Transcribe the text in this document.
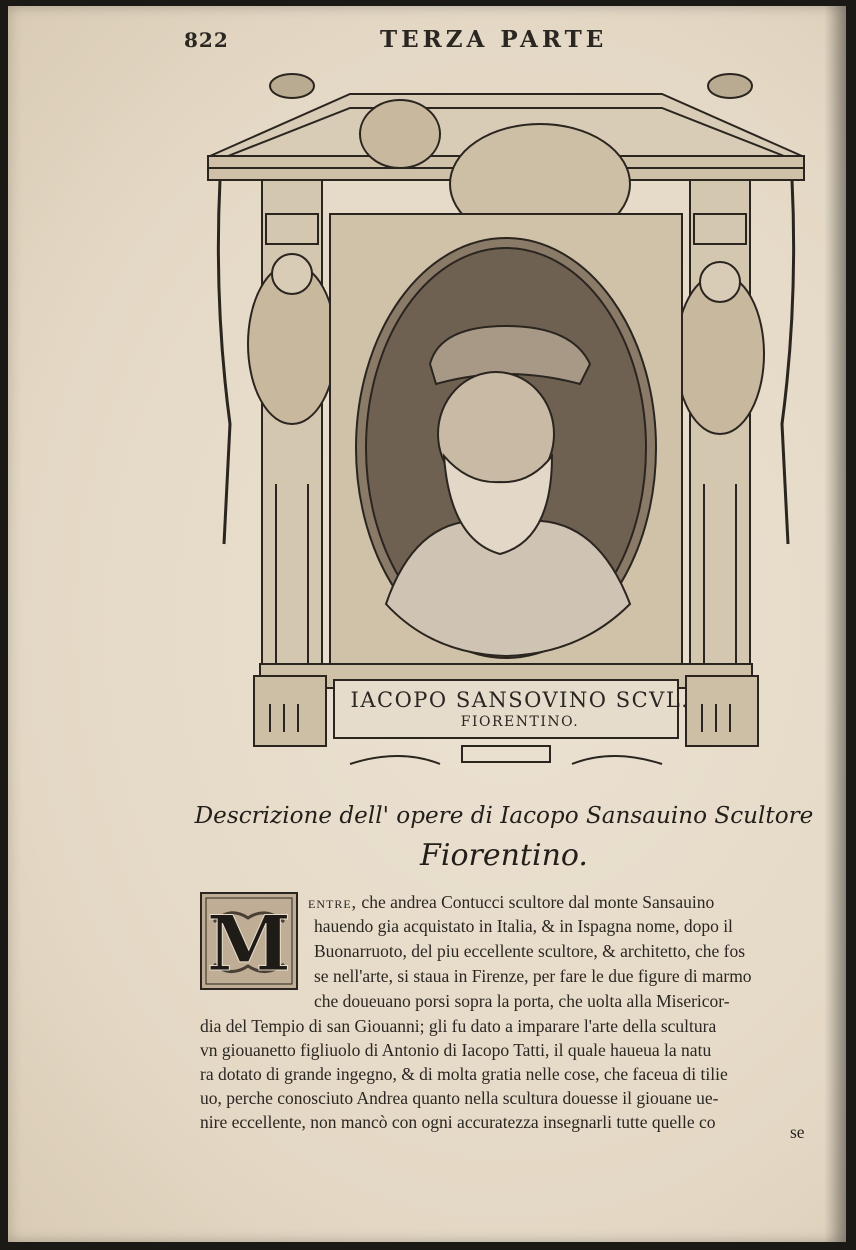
822	TERZA PARTE
IACOPO SANSOVINO SCVL.
FIORENTINO.
Descrizione dell' opere di Iacopo Sansauino Scultore
Fiorentino.
M entre, che andrea Contucci scultore dal monte Sansauino
hauendo gia acquistato in Italia, & in Ispagna nome, dopo il
Buonarruoto, del piu eccellente scultore, & architetto, che fos
se nell'arte, si staua in Firenze, per fare le due figure di marmo
che doueuano porsi sopra la porta, che uolta alla Misericor-
dia del Tempio di san Giouanni; gli fu dato a imparare l'arte della scultura
vn giouanetto figliuolo di Antonio di Iacopo Tatti, il quale haueua la natu
ra dotato di grande ingegno, & di molta gratia nelle cose, che faceua di tilie
uo, perche conosciuto Andrea quanto nella scultura douesse il giouane ue-
nire eccellente, non mancò con ogni accuratezza insegnarli tutte quelle co	se
